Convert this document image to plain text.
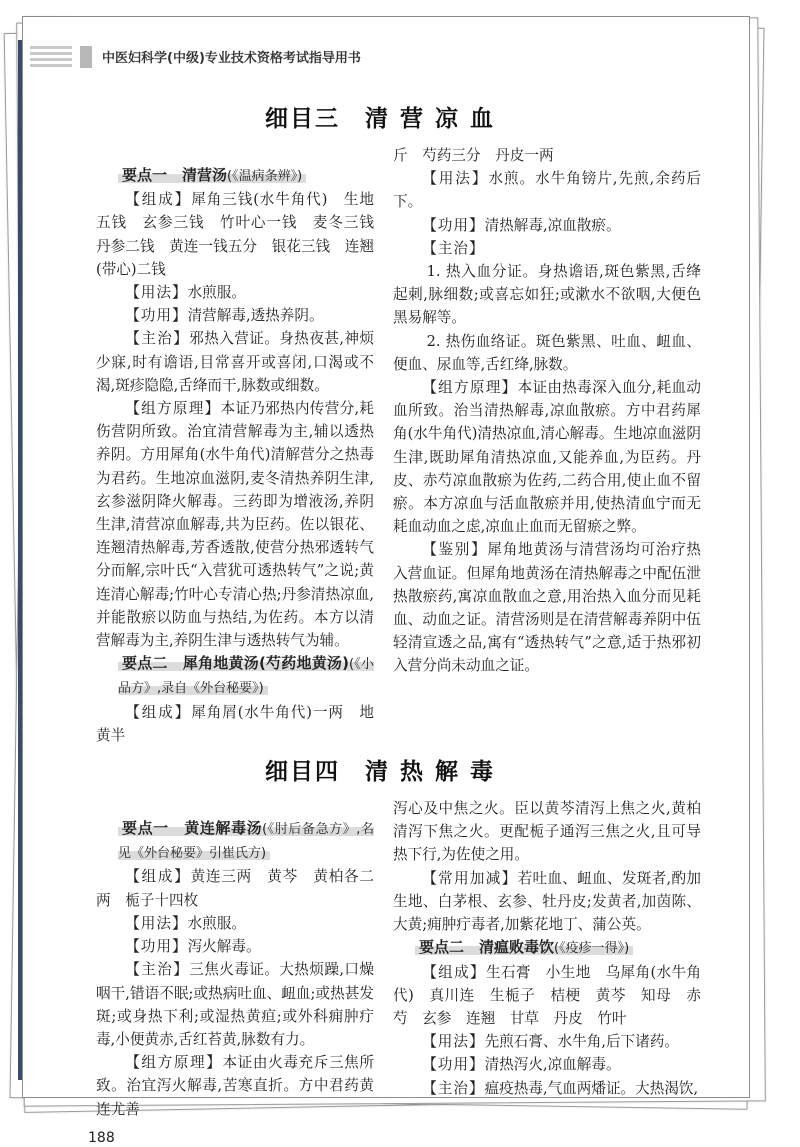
中医妇科学(中级)专业技术资格考试指导用书
细目三　清 营 凉 血
要点一　清营汤(《温病条辨》)

【组成】犀角三钱(水牛角代)　生地五钱　玄参三钱　竹叶心一钱　麦冬三钱　丹参二钱　黄连一钱五分　银花三钱　连翘(带心)二钱

【用法】水煎服。

【功用】清营解毒,透热养阴。

【主治】邪热入营证。身热夜甚,神烦少寐,时有谵语,目常喜开或喜闭,口渴或不渴,斑疹隐隐,舌绛而干,脉数或细数。

【组方原理】本证乃邪热内传营分,耗伤营阴所致。治宜清营解毒为主,辅以透热养阴。方用犀角(水牛角代)清解营分之热毒为君药。生地凉血滋阴,麦冬清热养阴生津,玄参滋阴降火解毒。三药即为增液汤,养阴生津,清营凉血解毒,共为臣药。佐以银花、连翘清热解毒,芳香透散,使营分热邪透转气分而解,宗叶氏“入营犹可透热转气”之说;黄连清心解毒;竹叶心专清心热;丹参清热凉血,并能散瘀以防血与热结,为佐药。本方以清营解毒为主,养阴生津与透热转气为辅。

要点二　犀角地黄汤(芍药地黄汤)(《小品方》,录自《外台秘要》)

【组成】犀角屑(水牛角代)一两　地黄半

斤　芍药三分　丹皮一两

【用法】水煎。水牛角镑片,先煎,余药后下。

【功用】清热解毒,凉血散瘀。

【主治】

1. 热入血分证。身热谵语,斑色紫黑,舌绛起刺,脉细数;或喜忘如狂;或漱水不欲咽,大便色黑易解等。

2. 热伤血络证。斑色紫黑、吐血、衄血、便血、尿血等,舌红绛,脉数。

【组方原理】本证由热毒深入血分,耗血动血所致。治当清热解毒,凉血散瘀。方中君药犀角(水牛角代)清热凉血,清心解毒。生地凉血滋阴生津,既助犀角清热凉血,又能养血,为臣药。丹皮、赤芍凉血散瘀为佐药,二药合用,使止血不留瘀。本方凉血与活血散瘀并用,使热清血宁而无耗血动血之虑,凉血止血而无留瘀之弊。

【鉴别】犀角地黄汤与清营汤均可治疗热入营血证。但犀角地黄汤在清热解毒之中配伍泄热散瘀药,寓凉血散血之意,用治热入血分而见耗血、动血之证。清营汤则是在清营解毒养阴中伍轻清宣透之品,寓有“透热转气”之意,适于热邪初入营分尚未动血之证。

细目四　清 热 解 毒
要点一　黄连解毒汤(《肘后备急方》,名见《外台秘要》引崔氏方)

【组成】黄连三两　黄芩　黄柏各二两　栀子十四枚

【用法】水煎服。

【功用】泻火解毒。

【主治】三焦火毒证。大热烦躁,口燥咽干,错语不眠;或热病吐血、衄血;或热甚发斑;或身热下利;或湿热黄疸;或外科痈肿疔毒,小便黄赤,舌红苔黄,脉数有力。

【组方原理】本证由火毒充斥三焦所致。治宜泻火解毒,苦寒直折。方中君药黄连尤善

泻心及中焦之火。臣以黄芩清泻上焦之火,黄柏清泻下焦之火。更配栀子通泻三焦之火,且可导热下行,为佐使之用。

【常用加减】若吐血、衄血、发斑者,酌加生地、白茅根、玄参、牡丹皮;发黄者,加茵陈、大黄;痈肿疔毒者,加紫花地丁、蒲公英。

要点二　清瘟败毒饮(《疫疹一得》)

【组成】生石膏　小生地　乌犀角(水牛角代)　真川连　生栀子　桔梗　黄芩　知母　赤芍　玄参　连翘　甘草　丹皮　竹叶

【用法】先煎石膏、水牛角,后下诸药。

【功用】清热泻火,凉血解毒。

【主治】瘟疫热毒,气血两燔证。大热渴饮,

188
